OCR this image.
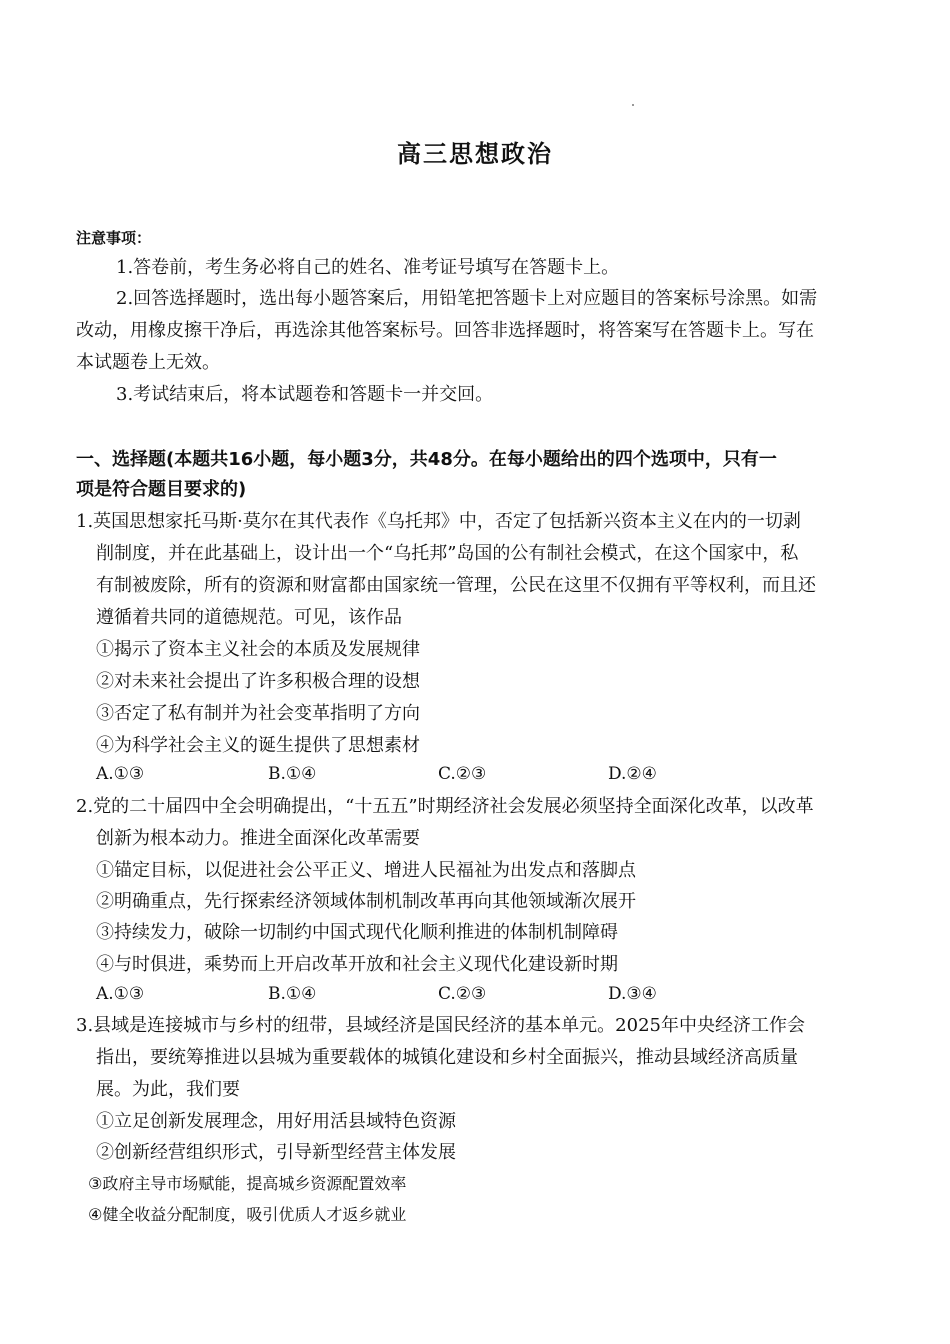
高三思想政治
注意事项：
1.答卷前，考生务必将自己的姓名、准考证号填写在答题卡上。
2.回答选择题时，选出每小题答案后，用铅笔把答题卡上对应题目的答案标号涂黑。如需
改动，用橡皮擦干净后，再选涂其他答案标号。回答非选择题时，将答案写在答题卡上。写在
本试题卷上无效。
3.考试结束后，将本试题卷和答题卡一并交回。
一、选择题(本题共16小题，每小题3分，共48分。在每小题给出的四个选项中，只有一
项是符合题目要求的)
1.英国思想家托马斯·莫尔在其代表作《乌托邦》中，否定了包括新兴资本主义在内的一切剥
削制度，并在此基础上，设计出一个“乌托邦”岛国的公有制社会模式，在这个国家中，私
有制被废除，所有的资源和财富都由国家统一管理，公民在这里不仅拥有平等权利，而且还
遵循着共同的道德规范。可见，该作品
①揭示了资本主义社会的本质及发展规律
②对未来社会提出了许多积极合理的设想
③否定了私有制并为社会变革指明了方向
④为科学社会主义的诞生提供了思想素材
A.①③	B.①④	C.②③	D.②④
2.党的二十届四中全会明确提出，“十五五”时期经济社会发展必须坚持全面深化改革，以改革
创新为根本动力。推进全面深化改革需要
①锚定目标，以促进社会公平正义、增进人民福祉为出发点和落脚点
②明确重点，先行探索经济领域体制机制改革再向其他领域渐次展开
③持续发力，破除一切制约中国式现代化顺利推进的体制机制障碍
④与时俱进，乘势而上开启改革开放和社会主义现代化建设新时期
A.①③	B.①④	C.②③	D.③④
3.县域是连接城市与乡村的纽带，县域经济是国民经济的基本单元。2025年中央经济工作会
指出，要统筹推进以县城为重要载体的城镇化建设和乡村全面振兴，推动县域经济高质量
展。为此，我们要
①立足创新发展理念，用好用活县域特色资源
②创新经营组织形式，引导新型经营主体发展
③政府主导市场赋能，提高城乡资源配置效率
④健全收益分配制度，吸引优质人才返乡就业
